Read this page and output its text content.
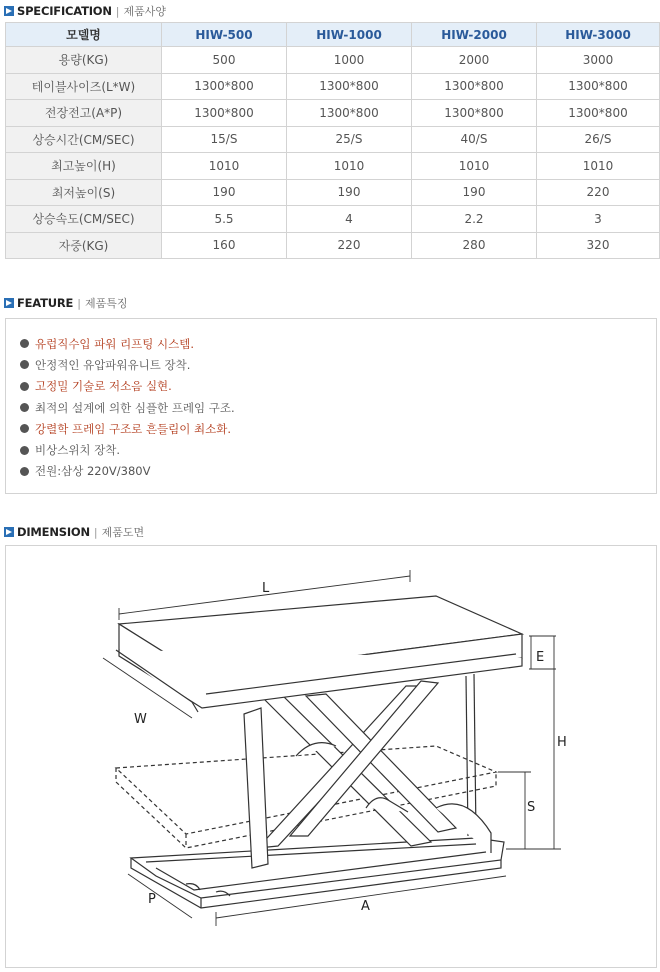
SPECIFICATION | 제품사양
모델명	HIW-500	HIW-1000	HIW-2000	HIW-3000
용량(KG)	500	1000	2000	3000
테이블사이즈(L*W)	1300*800	1300*800	1300*800	1300*800
전장전고(A*P)	1300*800	1300*800	1300*800	1300*800
상승시간(CM/SEC)	15/S	25/S	40/S	26/S
최고높이(H)	1010	1010	1010	1010
최저높이(S)	190	190	190	220
상승속도(CM/SEC)	5.5	4	2.2	3
자중(KG)	160	220	280	320
FEATURE | 제품특징
유럽직수입 파워 리프팅 시스템.
안정적인 유압파워유니트 장착.
고정밀 기술로 저소음 실현.
최적의 설계에 의한 심플한 프레임 구조.
강렬학 프레임 구조로 흔들림이 최소화.
비상스위치 장착.
전원:삼상 220V/380V
DIMENSION | 제품도면
L
W
E
H
S
P	A
